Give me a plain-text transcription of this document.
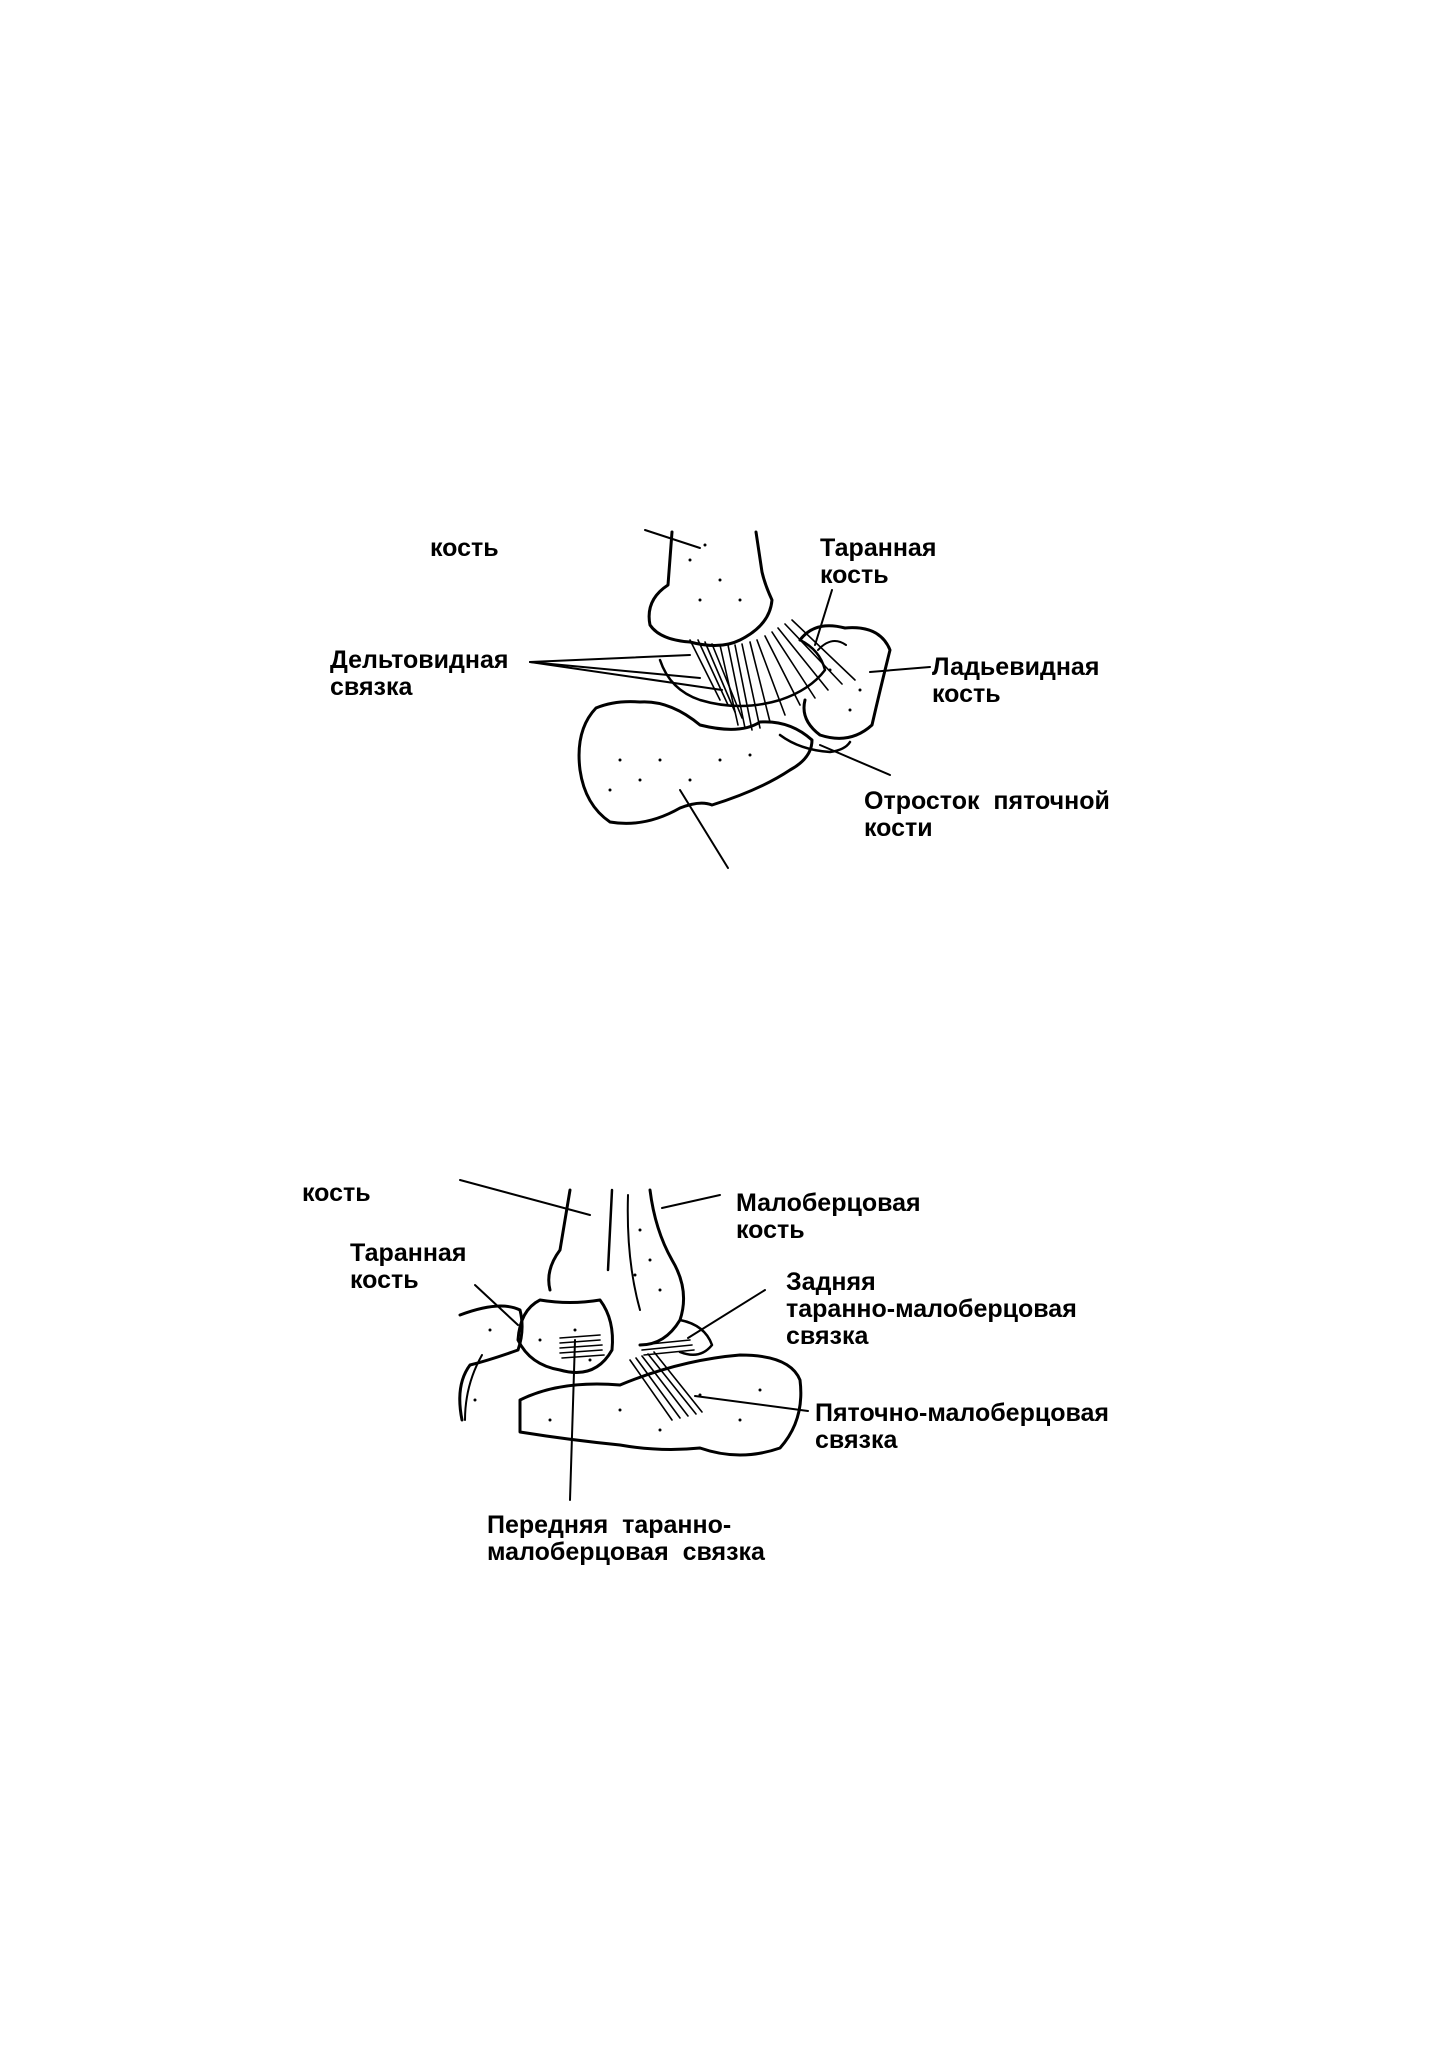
кость	Таранная
кость
Дельтовидная
связка
Ладьевидная
кость
Отросток  пяточной
кости
кость	Малоберцовая
кость
Таранная
кость	Задняя
таранно-малоберцовая
связка
Пяточно-малоберцовая
связка
Передняя  таранно-
малоберцовая  связка
